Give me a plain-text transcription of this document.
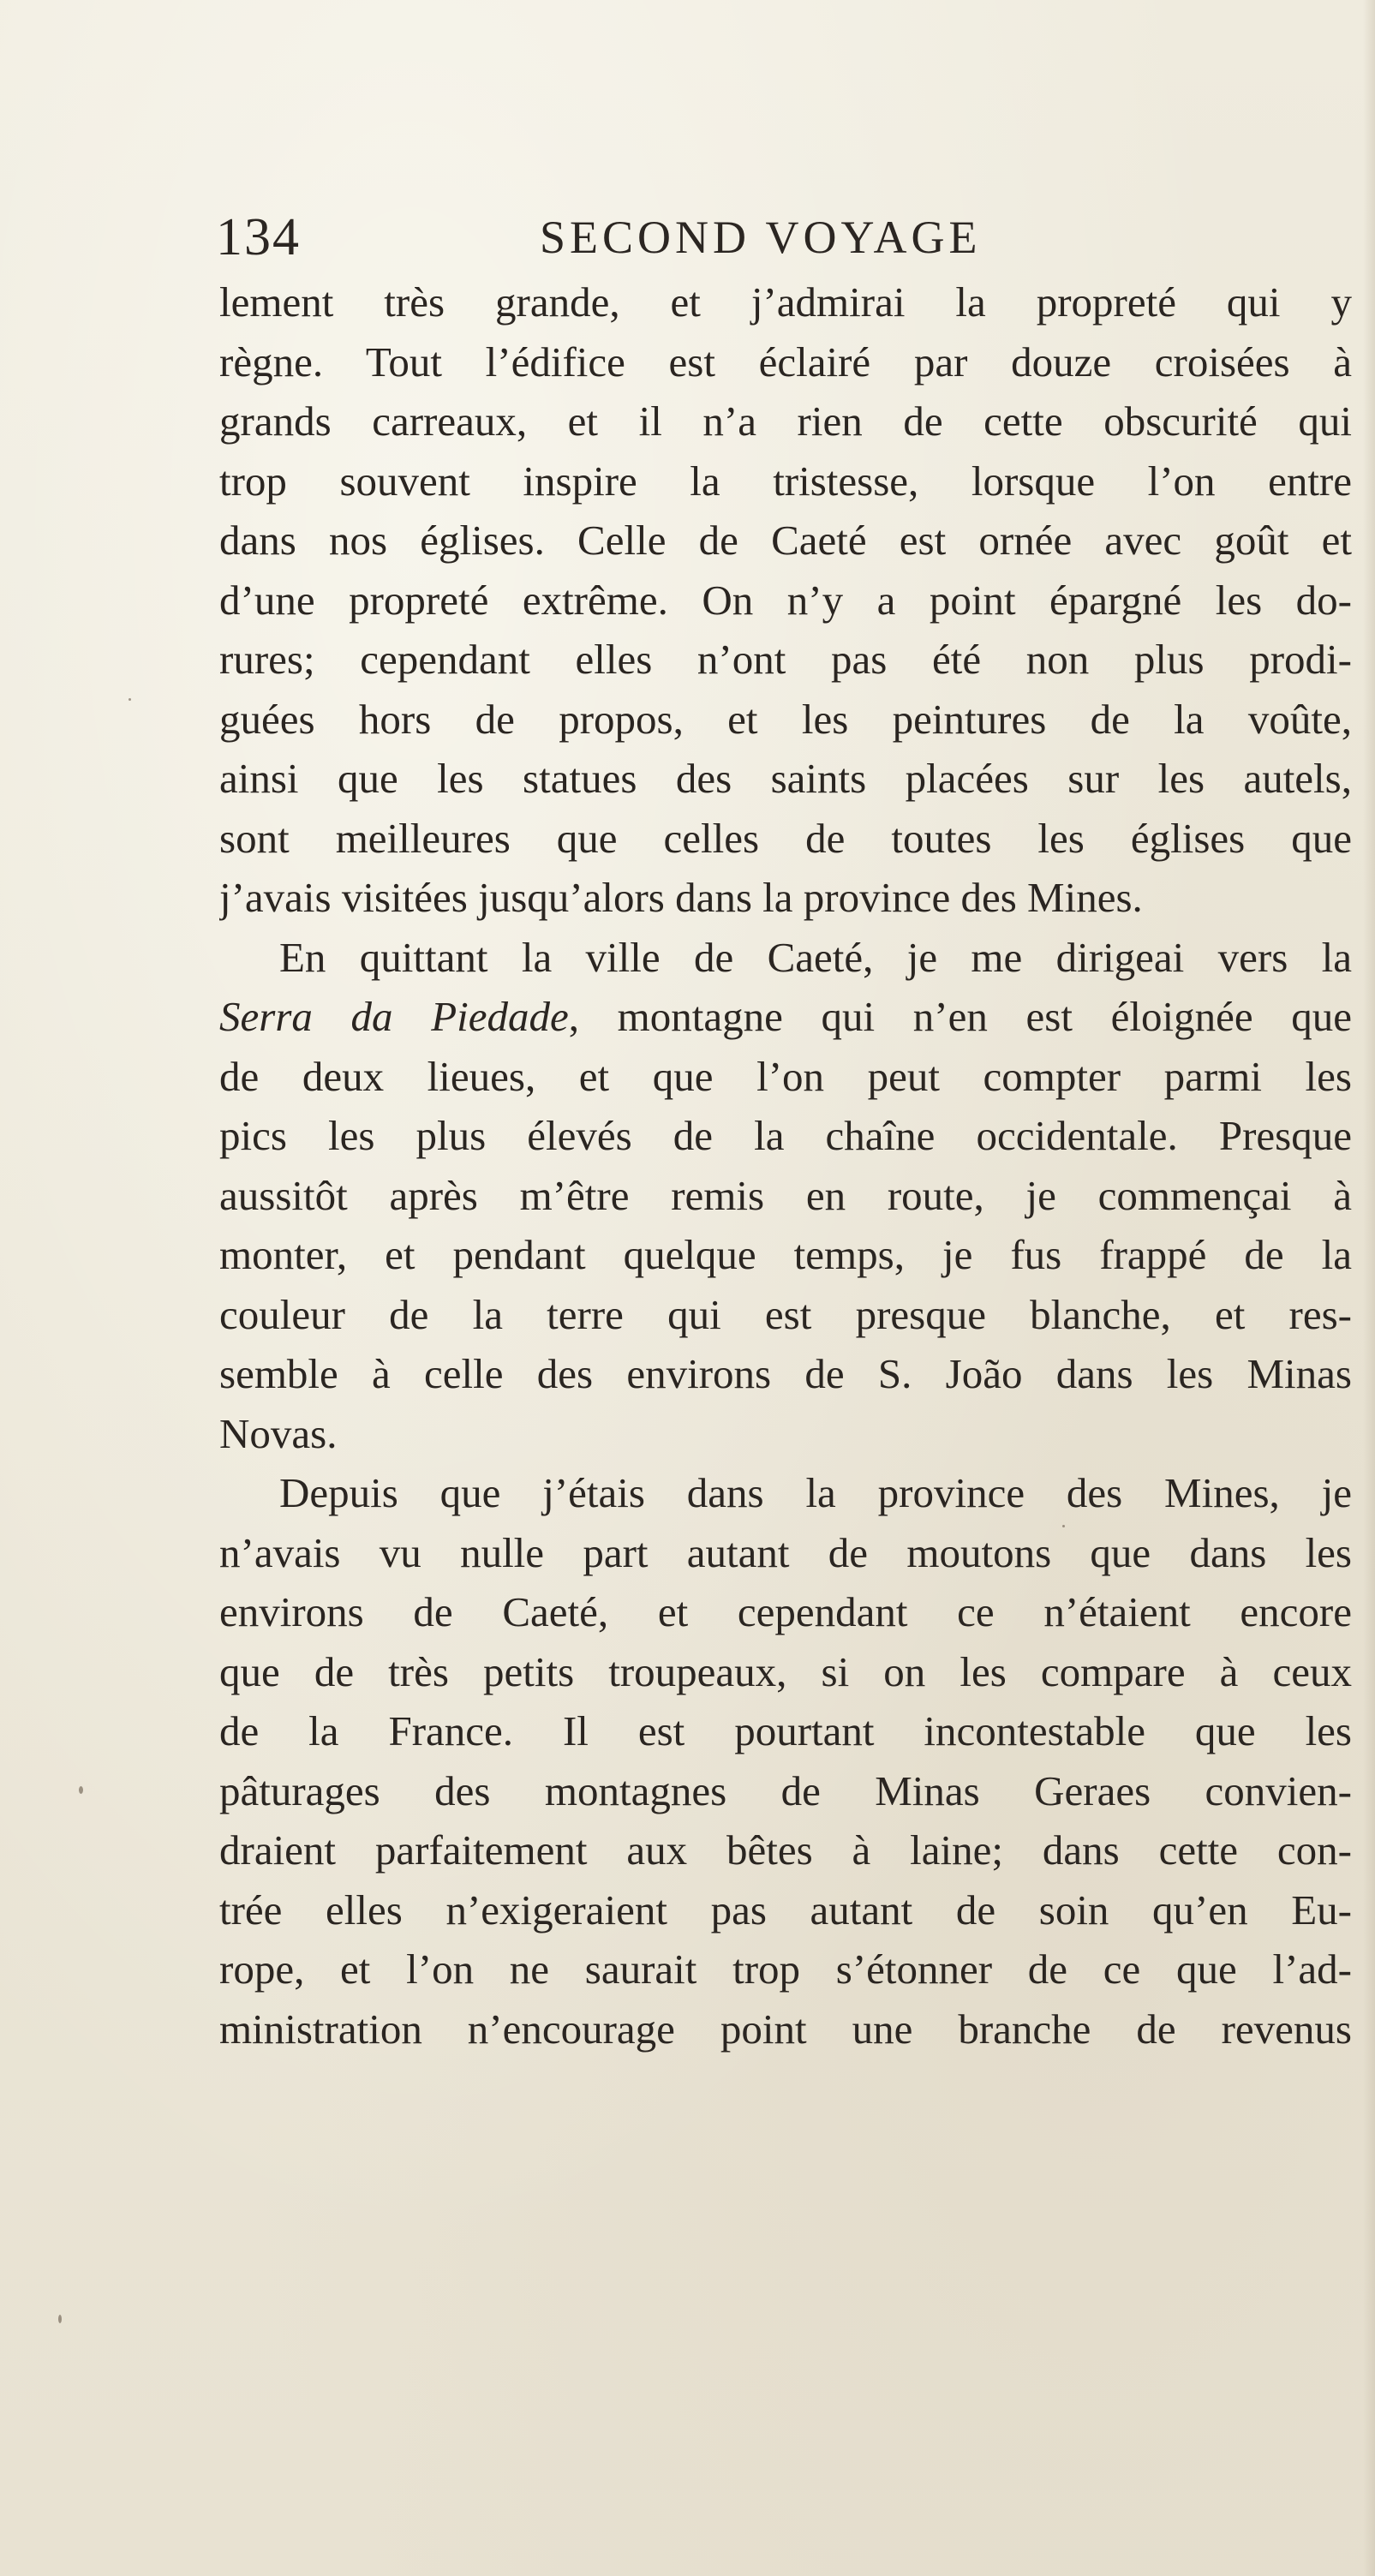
134	SECOND VOYAGE
lement très grande, et j’admirai la propreté qui y
règne. Tout l’édifice est éclairé par douze croisées à
grands carreaux, et il n’a rien de cette obscurité qui
trop souvent inspire la tristesse, lorsque l’on entre
dans nos églises. Celle de Caeté est ornée avec goût et
d’une propreté extrême. On n’y a point épargné les do-
rures; cependant elles n’ont pas été non plus prodi-
guées hors de propos, et les peintures de la voûte,
ainsi que les statues des saints placées sur les autels,
sont meilleures que celles de toutes les églises que
j’avais visitées jusqu’alors dans la province des Mines.
En quittant la ville de Caeté, je me dirigeai vers la
Serra da Piedade, montagne qui n’en est éloignée que
de deux lieues, et que l’on peut compter parmi les
pics les plus élevés de la chaîne occidentale. Presque
aussitôt après m’être remis en route, je commençai à
monter, et pendant quelque temps, je fus frappé de la
couleur de la terre qui est presque blanche, et res-
semble à celle des environs de S. João dans les Minas
Novas.
Depuis que j’étais dans la province des Mines, je
n’avais vu nulle part autant de moutons que dans les
environs de Caeté, et cependant ce n’étaient encore
que de très petits troupeaux, si on les compare à ceux
de la France. Il est pourtant incontestable que les
pâturages des montagnes de Minas Geraes convien-
draient parfaitement aux bêtes à laine; dans cette con-
trée elles n’exigeraient pas autant de soin qu’en Eu-
rope, et l’on ne saurait trop s’étonner de ce que l’ad-
ministration n’encourage point une branche de revenus
